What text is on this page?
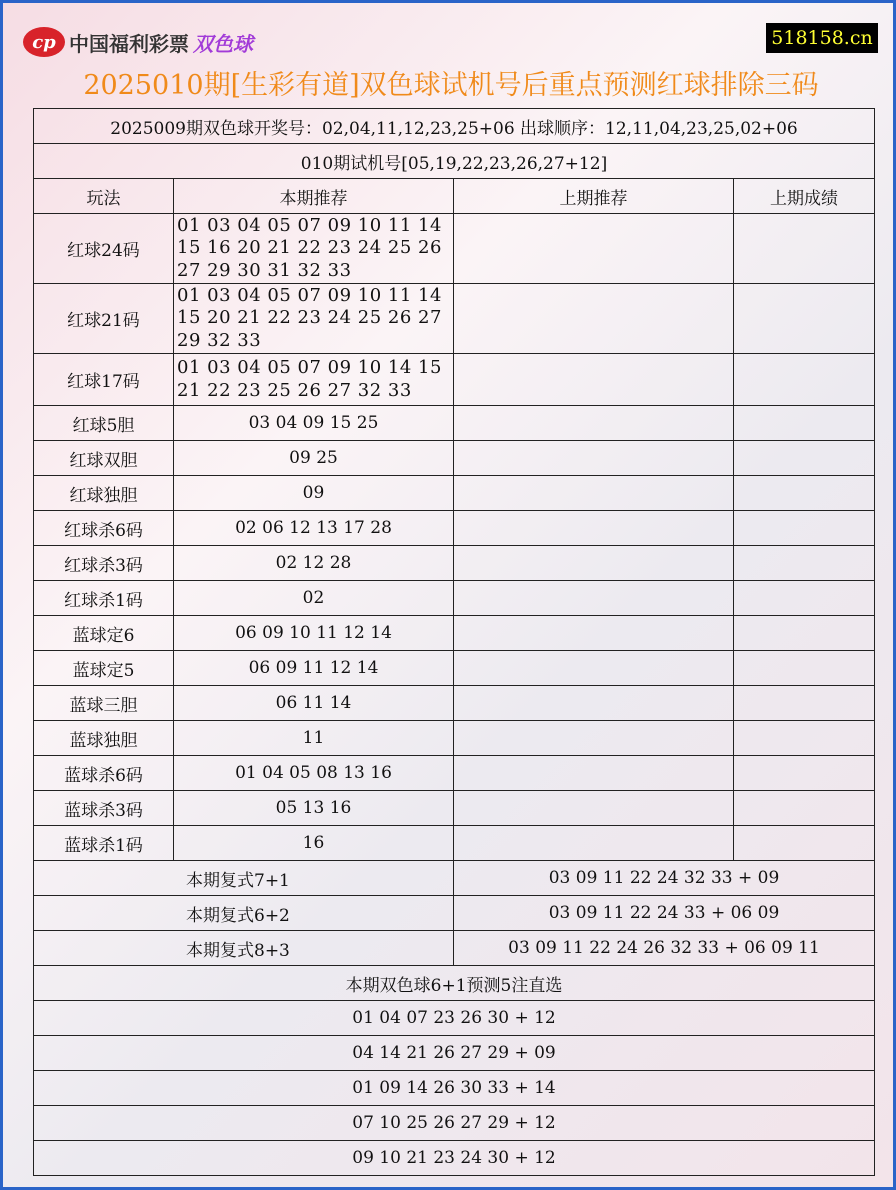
cp 中国福利彩票 双色球	518158.cn
2025010期[生彩有道]双色球试机号后重点预测红球排除三码
2025009期双色球开奖号：02,04,11,12,23,25+06 出球顺序：12,11,04,23,25,02+06			
010期试机号[05,19,22,23,26,27+12]			
玩法	本期推荐	上期推荐	上期成绩
红球24码	01 03 04 05 07 09 10 11 14 15 16 20 21 22 23 24 25 26 27 29 30 31 32 33		
红球21码	01 03 04 05 07 09 10 11 14 15 20 21 22 23 24 25 26 27 29 32 33		
红球17码	01 03 04 05 07 09 10 14 15 21 22 23 25 26 27 32 33		
红球5胆	03 04 09 15 25		
红球双胆	09 25		
红球独胆	09		
红球杀6码	02 06 12 13 17 28		
红球杀3码	02 12 28		
红球杀1码	02		
蓝球定6	06 09 10 11 12 14		
蓝球定5	06 09 11 12 14		
蓝球三胆	06 11 14		
蓝球独胆	11		
蓝球杀6码	01 04 05 08 13 16		
蓝球杀3码	05 13 16		
蓝球杀1码	16		
本期复式7+1		03 09 11 22 24 32 33 + 09	
本期复式6+2		03 09 11 22 24 33 + 06 09	
本期复式8+3		03 09 11 22 24 26 32 33 + 06 09 11	
本期双色球6+1预测5注直选			
01 04 07 23 26 30 + 12			
04 14 21 26 27 29 + 09			
01 09 14 26 30 33 + 14			
07 10 25 26 27 29 + 12			
09 10 21 23 24 30 + 12			
